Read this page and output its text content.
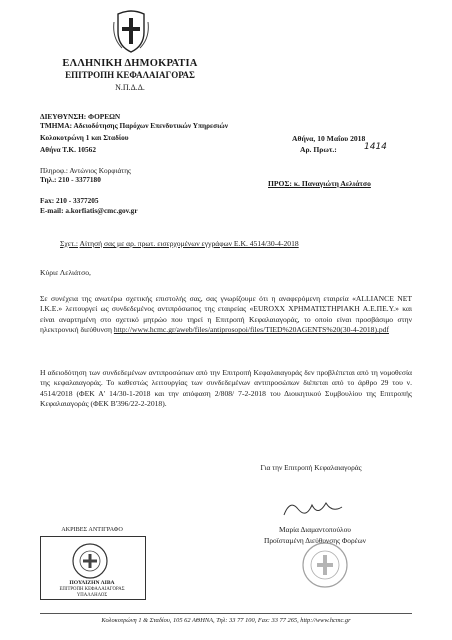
ΕΛΛΗΝΙΚΗ ΔΗΜΟΚΡΑΤΙΑ
ΕΠΙΤΡΟΠΗ ΚΕΦΑΛΑΙΑΓΟΡΑΣ
Ν.Π.Δ.Δ.
ΔΙΕΥΘΥΝΣΗ: ΦΟΡΕΩΝ
ΤΜΗΜΑ: Αδειοδότησης Παρόχων Επενδυτικών Υπηρεσιών
Κολοκοτρώνη 1 και Σταδίου
Αθήνα Τ.Κ. 10562
Πληροφ.: Αντώνιος Κορφιάτης
Τηλ.: 210 - 3377180
Fax: 210 - 3377205
E-mail: a.korfiatis@cmc.gov.gr
Αθήνα, 10 Μαΐου 2018
Αρ. Πρωτ.:	1414
ΠΡΟΣ: κ. Παναγιώτη Αελιάτσο
Σχετ.: Αίτησή σας με αρ. πρωτ. εισερχομένων εγγράφων Ε.Κ. 4514/30-4-2018
Κύριε Λελιάτσο,
Σε συνέχεια της ανωτέρω σχετικής επιστολής σας, σας γνωρίζουμε ότι η αναφερόμενη εταιρεία «ALLIANCE NET I.K.E.» λειτουργεί ως συνδεδεμένος αντιπρόσωπος της εταιρείας «EUROXX ΧΡΗΜΑΤΙΣΤΗΡΙΑΚΗ Α.Ε.ΠΕ.Υ.» και είναι αναρτημένη στο σχετικό μητρώο που τηρεί η Επιτροπή Κεφαλαιαγοράς, το οποίο είναι προσβάσιμο στην ηλεκτρονική διεύθυνση http://www.hcmc.gr/aweb/files/antiprosopoi/files/TIED%20AGENTS%20(30-4-2018).pdf
Η αδειοδότηση των συνδεδεμένων αντιπροσώπων από την Επιτροπή Κεφαλαιαγοράς δεν προβλέπεται από τη νομοθεσία της κεφαλαιαγοράς. Το καθεστώς λειτουργίας των συνδεδεμένων αντιπροσώπων διέπεται από το άρθρο 29 του ν. 4514/2018 (ΦΕΚ Α' 14/30-1-2018 και την απόφαση 2/808/ 7-2-2018 του Διοικητικού Συμβουλίου της Επιτροπής Κεφαλαιαγοράς (ΦΕΚ Β'396/22-2-2018).
Για την Επιτροπή Κεφαλαιαγοράς
Μαρία Διαμαντοπούλου
Προϊσταμένη Διεύθυνσης Φορέων
ΑΚΡΙΒΕΣ ΑΝΤΙΓΡΑΦΟ
ΠΟΥΛΙΖΗΝ ΛΙΒΑ
ΕΠΙΤΡΟΠΗ ΚΕΦΑΛΑΙΑΓΟΡΑΣ
ΥΠΑΛΛΗΛΟΣ
Κολοκοτρώνη 1 & Σταδίου, 105 62 ΑΘΗΝΑ, Τηλ: 33 77 100, Fax: 33 77 265, http://www.hcmc.gr
